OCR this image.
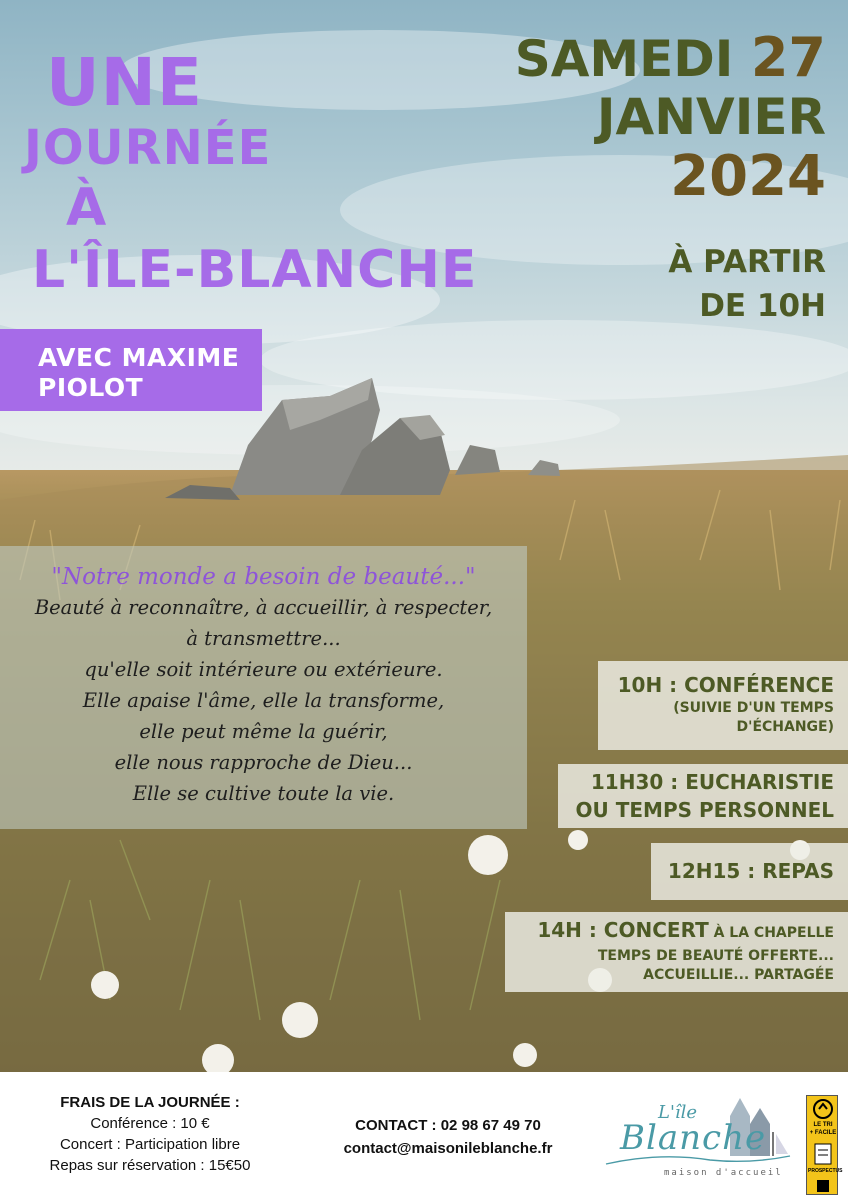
UNE
JOURNÉE
À
L'ÎLE-BLANCHE
AVEC MAXIME
PIOLOT
SAMEDI 27
JANVIER
2024
À PARTIR
DE 10H
"Notre monde a besoin de beauté..."
Beauté à reconnaître, à accueillir, à respecter,
à transmettre...
qu'elle soit intérieure ou extérieure.
Elle apaise l'âme, elle la transforme,
elle peut même la guérir,
elle nous rapproche de Dieu...
Elle se cultive toute la vie.
10H : CONFÉRENCE
(SUIVIE D'UN TEMPS
D'ÉCHANGE)
11H30 : EUCHARISTIE
OU TEMPS PERSONNEL
12H15 : REPAS
14H : CONCERT À LA CHAPELLE
TEMPS DE BEAUTÉ OFFERTE...
ACCUEILLIE... PARTAGÉE
FRAIS DE LA JOURNÉE :
Conférence : 10 €
Concert : Participation libre
Repas sur réservation : 15€50
CONTACT : 02 98 67 49 70
contact@maisonileblanche.fr
L'île
Blanche
maison d'accueil
LE TRI
+ FACILE
PROSPECTUS
